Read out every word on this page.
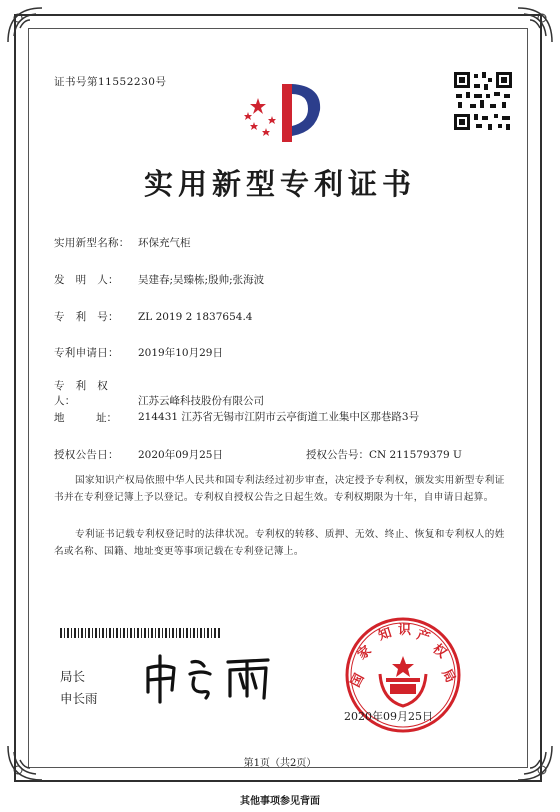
证书号第11552230号
实用新型专利证书
实用新型名称： 环保充气柜
发　明　人： 吴建春;吴臻栋;殷帅;张海波
专　利　号： ZL 2019 2 1837654.4
专利申请日： 2019年10月29日
专　利　权　人：	江苏云峰科技股份有限公司
地　　　址： 214431 江苏省无锡市江阴市云亭街道工业集中区那巷路3号
授权公告日： 2020年09月25日	授权公告号：CN 211579379 U
国家知识产权局依照中华人民共和国专利法经过初步审查，决定授予专利权，颁发实用新型专利证书并在专利登记簿上予以登记。专利权自授权公告之日起生效。专利权期限为十年，自申请日起算。
专利证书记载专利权登记时的法律状况。专利权的转移、质押、无效、终止、恢复和专利权人的姓名或名称、国籍、地址变更等事项记载在专利登记簿上。
局长
申长雨
国
家
知 识 产
权
局
2020年09月25日
第1页（共2页）
其他事项参见背面
